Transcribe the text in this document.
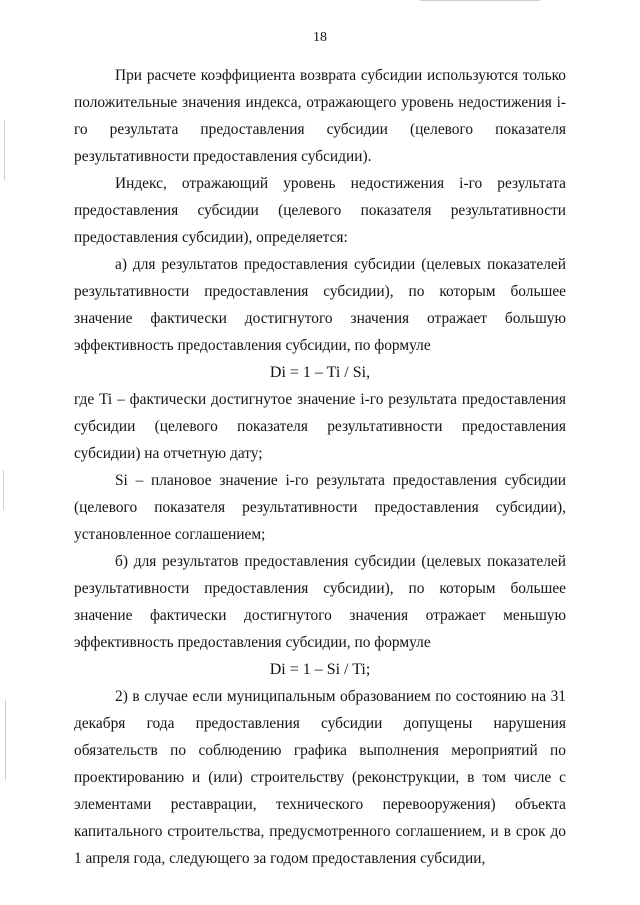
18

При расчете коэффициента возврата субсидии используются только положительные значения индекса, отражающего уровень недостижения i-го результата предоставления субсидии (целевого показателя результативности предоставления субсидии).

Индекс, отражающий уровень недостижения i-го результата предоставления субсидии (целевого показателя результативности предоставления субсидии), определяется:

а) для результатов предоставления субсидии (целевых показателей результативности предоставления субсидии), по которым большее значение фактически достигнутого значения отражает большую эффективность предоставления субсидии, по формуле

Di = 1 – Ti / Si,

где Ti – фактически достигнутое значение i-го результата предоставления субсидии (целевого показателя результативности предоставления субсидии) на отчетную дату;

Si – плановое значение i-го результата предоставления субсидии (целевого показателя результативности предоставления субсидии), установленное соглашением;

б) для результатов предоставления субсидии (целевых показателей результативности предоставления субсидии), по которым большее значение фактически достигнутого значения отражает меньшую эффективность предоставления субсидии, по формуле

Di = 1 – Si / Ti;

2) в случае если муниципальным образованием по состоянию на 31 декабря года предоставления субсидии допущены нарушения обязательств по соблюдению графика выполнения мероприятий по проектированию и (или) строительству (реконструкции, в том числе с элементами реставрации, технического перевооружения) объекта капитального строительства, предусмотренного соглашением, и в срок до 1 апреля года, следующего за годом предоставления субсидии,
